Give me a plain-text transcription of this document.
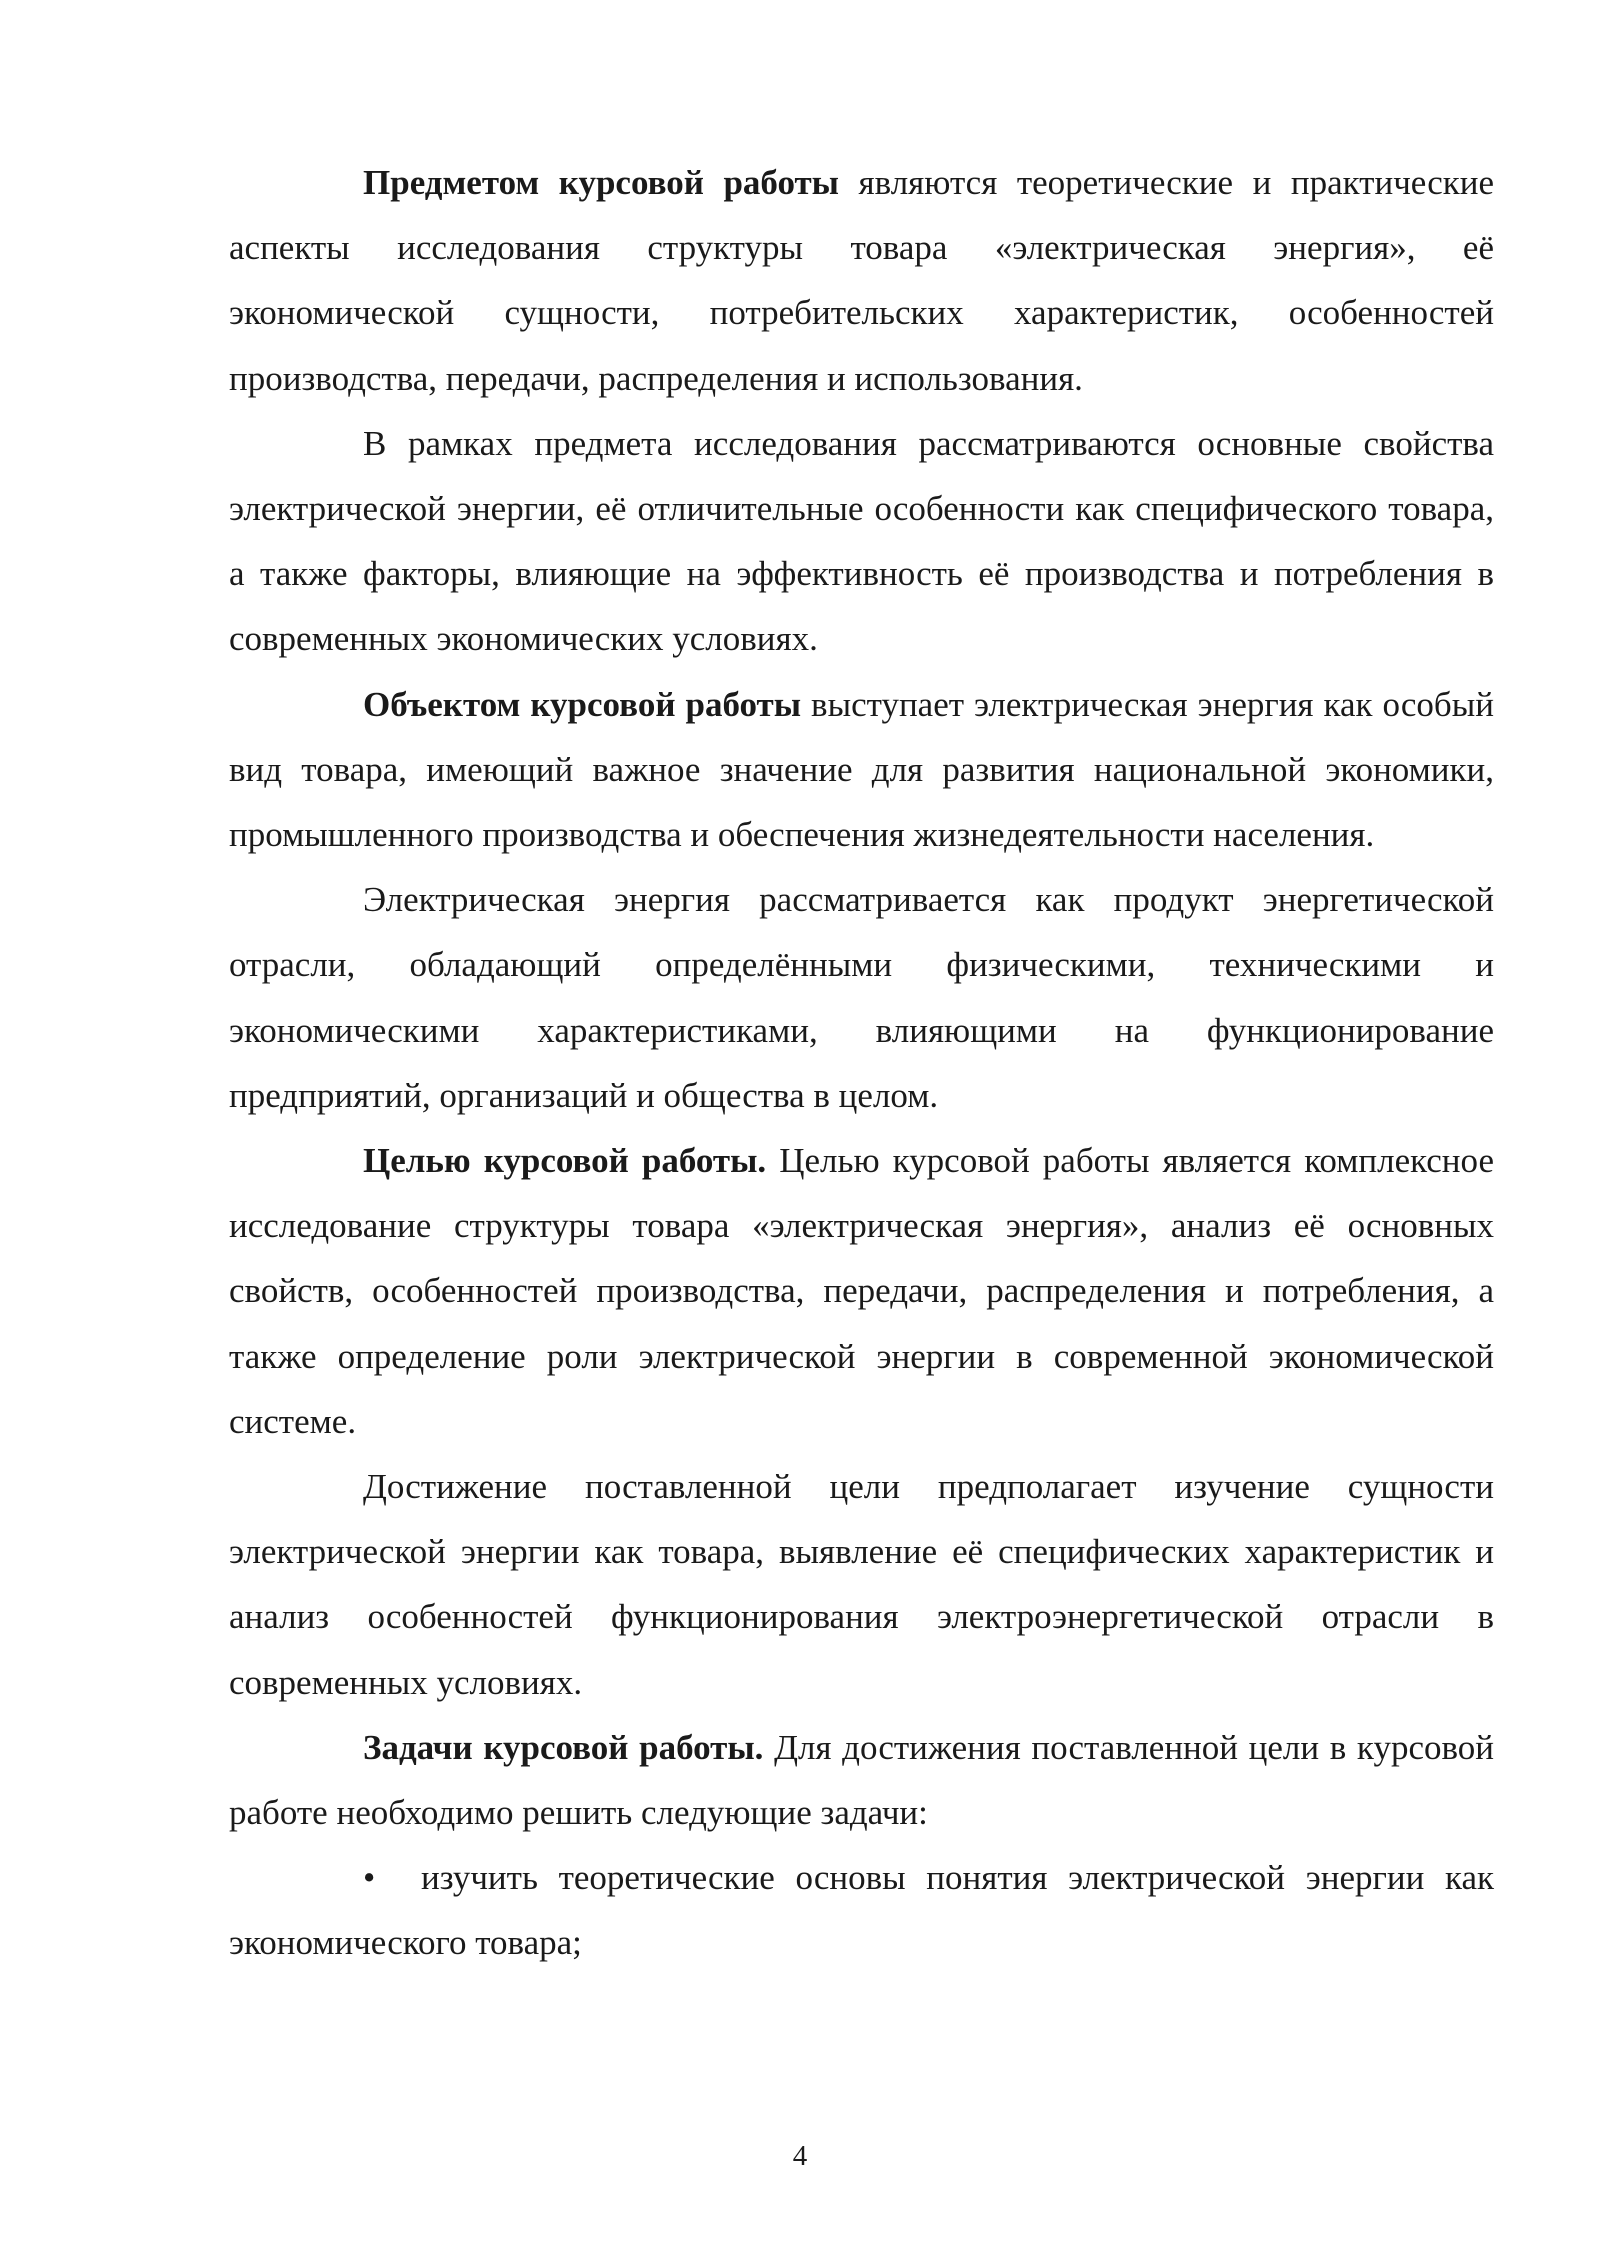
Предметом курсовой работы являются теоретические и практические аспекты исследования структуры товара «электрическая энергия», её экономической сущности, потребительских характеристик, особенностей производства, передачи, распределения и использования.

В рамках предмета исследования рассматриваются основные свойства электрической энергии, её отличительные особенности как специфического товара, а также факторы, влияющие на эффективность её производства и потребления в современных экономических условиях.

Объектом курсовой работы выступает электрическая энергия как особый вид товара, имеющий важное значение для развития национальной экономики, промышленного производства и обеспечения жизнедеятельности населения.

Электрическая энергия рассматривается как продукт энергетической отрасли, обладающий определёнными физическими, техническими и экономическими характеристиками, влияющими на функционирование предприятий, организаций и общества в целом.

Целью курсовой работы. Целью курсовой работы является комплексное исследование структуры товара «электрическая энергия», анализ её основных свойств, особенностей производства, передачи, распределения и потребления, а также определение роли электрической энергии в современной экономической системе.

Достижение поставленной цели предполагает изучение сущности электрической энергии как товара, выявление её специфических характеристик и анализ особенностей функционирования электроэнергетической отрасли в современных условиях.

Задачи курсовой работы. Для достижения поставленной цели в курсовой работе необходимо решить следующие задачи:

• изучить теоретические основы понятия электрической энергии как экономического товара;

4
